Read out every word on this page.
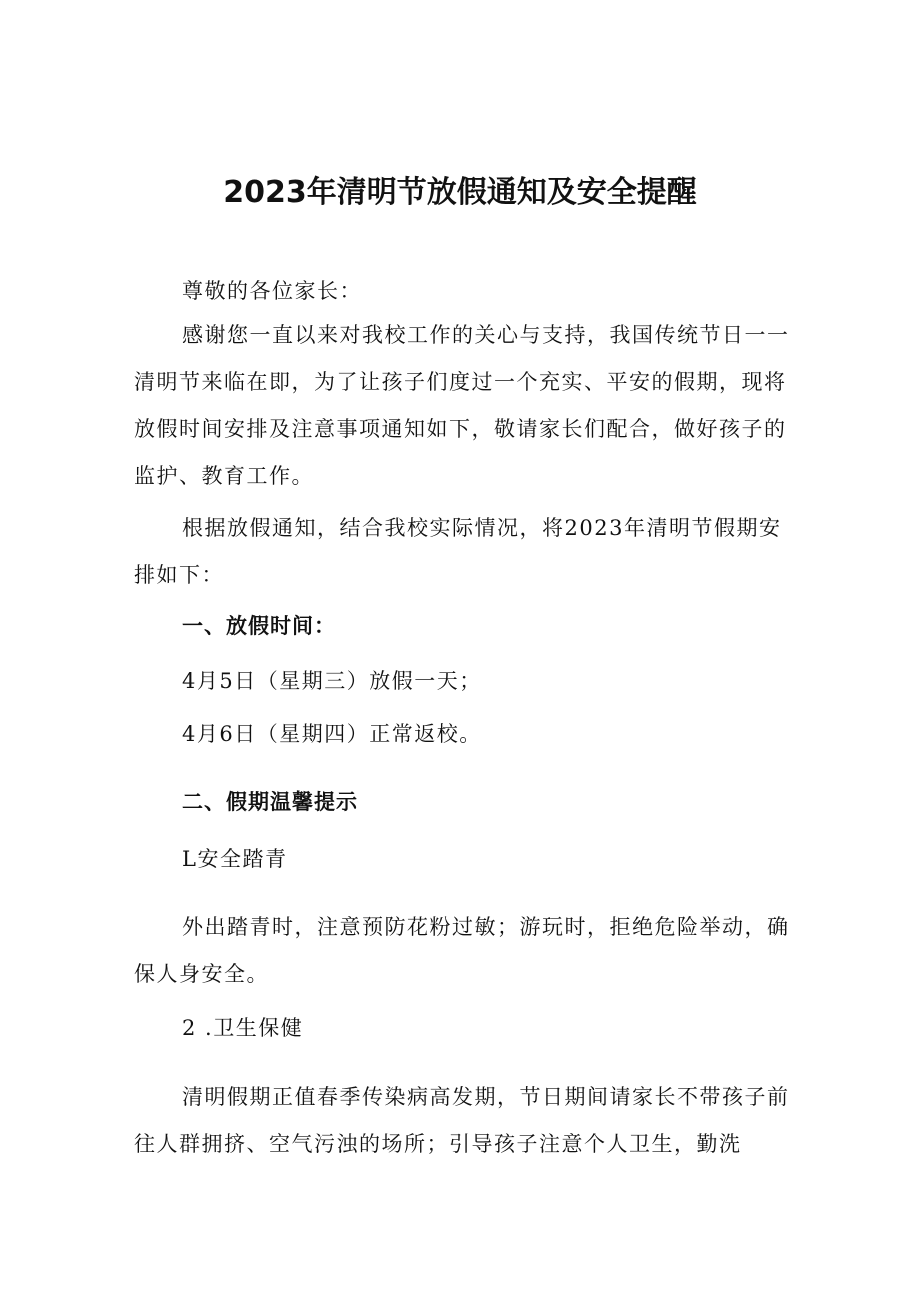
2023年清明节放假通知及安全提醒

尊敬的各位家长：

感谢您一直以来对我校工作的关心与支持，我国传统节日一一清明节来临在即，为了让孩子们度过一个充实、平安的假期，现将放假时间安排及注意事项通知如下，敬请家长们配合，做好孩子的监护、教育工作。

根据放假通知，结合我校实际情况，将2023年清明节假期安排如下：

一、放假时间：

4月5日（星期三）放假一天；

4月6日（星期四）正常返校。

二、假期温馨提示

L安全踏青

外出踏青时，注意预防花粉过敏；游玩时，拒绝危险举动，确保人身安全。

2 .卫生保健

清明假期正值春季传染病高发期，节日期间请家长不带孩子前往人群拥挤、空气污浊的场所；引导孩子注意个人卫生，勤洗
